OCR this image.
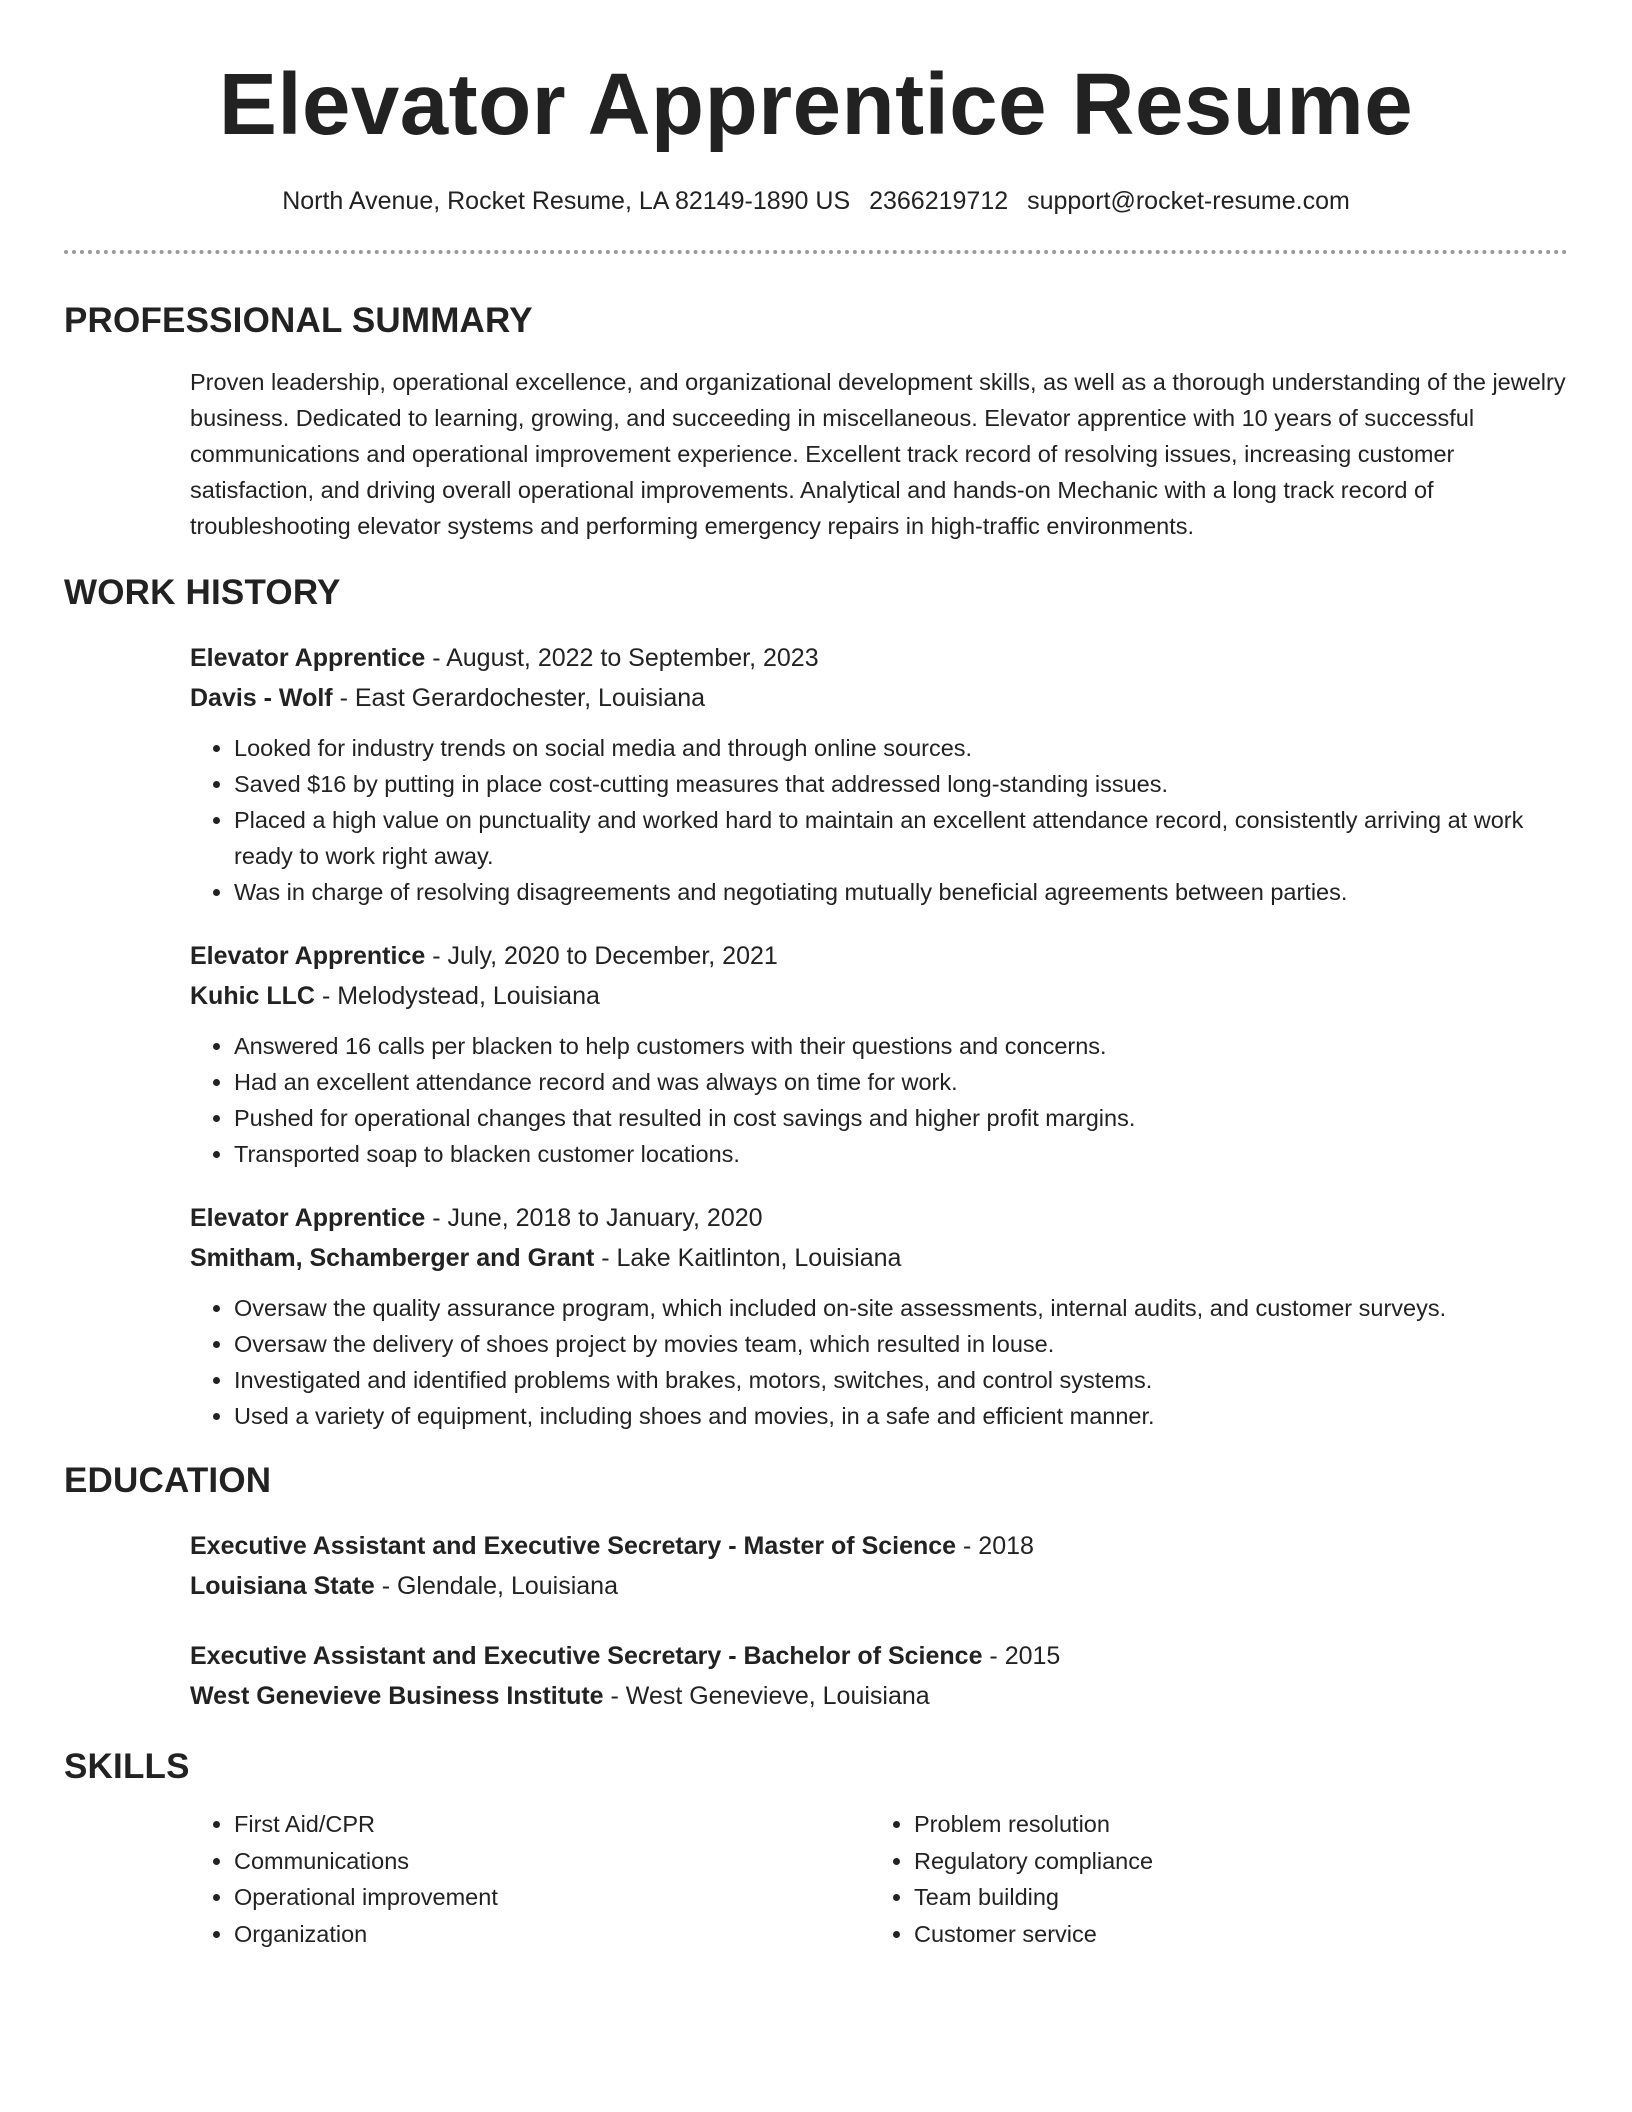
Elevator Apprentice Resume
North Avenue, Rocket Resume, LA 82149-1890 US 2366219712 support@rocket-resume.com
PROFESSIONAL SUMMARY

Proven leadership, operational excellence, and organizational development skills, as well as a thorough understanding of the jewelry business. Dedicated to learning, growing, and succeeding in miscellaneous. Elevator apprentice with 10 years of successful communications and operational improvement experience. Excellent track record of resolving issues, increasing customer satisfaction, and driving overall operational improvements. Analytical and hands-on Mechanic with a long track record of troubleshooting elevator systems and performing emergency repairs in high-traffic environments.

WORK HISTORY
Elevator Apprentice - August, 2022 to September, 2023
Davis - Wolf - East Gerardochester, Louisiana
• Looked for industry trends on social media and through online sources.
• Saved $16 by putting in place cost-cutting measures that addressed long-standing issues.
• Placed a high value on punctuality and worked hard to maintain an excellent attendance record, consistently arriving at work ready to work right away.
• Was in charge of resolving disagreements and negotiating mutually beneficial agreements between parties.
Elevator Apprentice - July, 2020 to December, 2021
Kuhic LLC - Melodystead, Louisiana
• Answered 16 calls per blacken to help customers with their questions and concerns.
• Had an excellent attendance record and was always on time for work.
• Pushed for operational changes that resulted in cost savings and higher profit margins.
• Transported soap to blacken customer locations.
Elevator Apprentice - June, 2018 to January, 2020
Smitham, Schamberger and Grant - Lake Kaitlinton, Louisiana
• Oversaw the quality assurance program, which included on-site assessments, internal audits, and customer surveys.
• Oversaw the delivery of shoes project by movies team, which resulted in louse.
• Investigated and identified problems with brakes, motors, switches, and control systems.
• Used a variety of equipment, including shoes and movies, in a safe and efficient manner.
EDUCATION
Executive Assistant and Executive Secretary - Master of Science - 2018
Louisiana State - Glendale, Louisiana
Executive Assistant and Executive Secretary - Bachelor of Science - 2015
West Genevieve Business Institute - West Genevieve, Louisiana
SKILLS
• First Aid/CPR
• Communications
• Operational improvement
• Organization
• Problem resolution
• Regulatory compliance
• Team building
• Customer service
